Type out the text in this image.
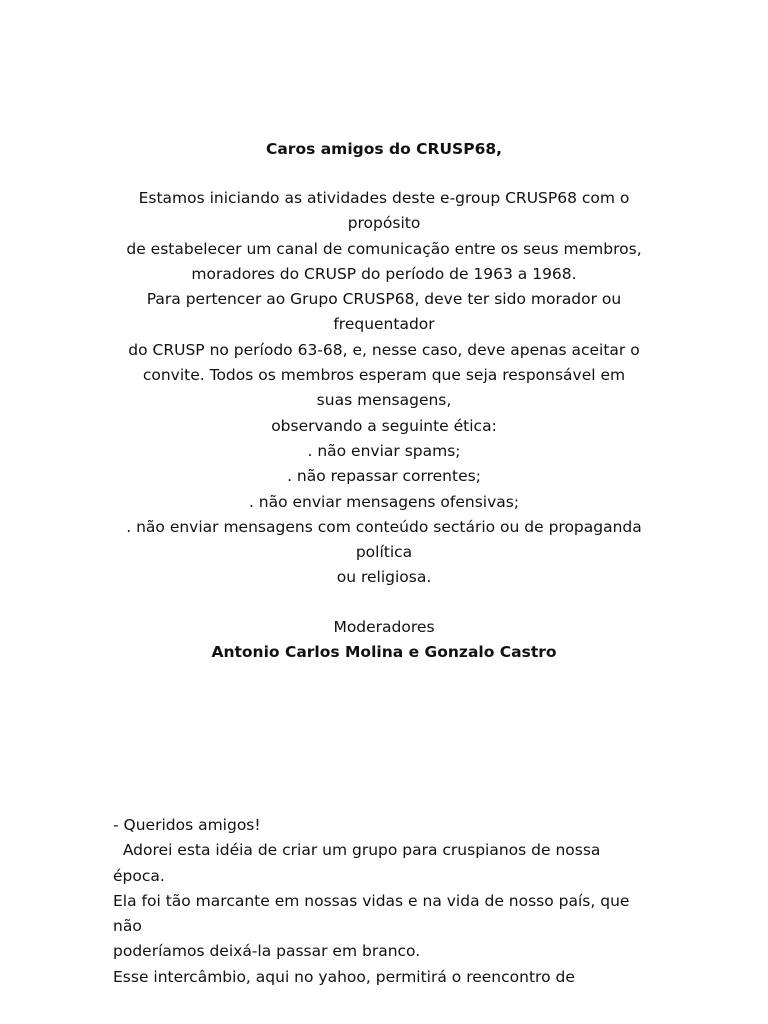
Caros amigos do CRUSP68,
Estamos iniciando as atividades deste e-group CRUSP68 com o
propósito
de estabelecer um canal de comunicação entre os seus membros,
moradores do CRUSP do período de 1963 a 1968.
Para pertencer ao Grupo CRUSP68, deve ter sido morador ou
frequentador
do CRUSP no período 63-68, e, nesse caso, deve apenas aceitar o
convite. Todos os membros esperam que seja responsável em
suas mensagens,
observando a seguinte ética:
. não enviar spams;
. não repassar correntes;
. não enviar mensagens ofensivas;
. não enviar mensagens com conteúdo sectário ou de propaganda
política
ou religiosa.
Moderadores
Antonio Carlos Molina e Gonzalo Castro
- Queridos amigos!
Adorei esta idéia de criar um grupo para cruspianos de nossa
época.
Ela foi tão marcante em nossas vidas e na vida de nosso país, que
não
poderíamos deixá-la passar em branco.
Esse intercâmbio, aqui no yahoo, permitirá o reencontro de
